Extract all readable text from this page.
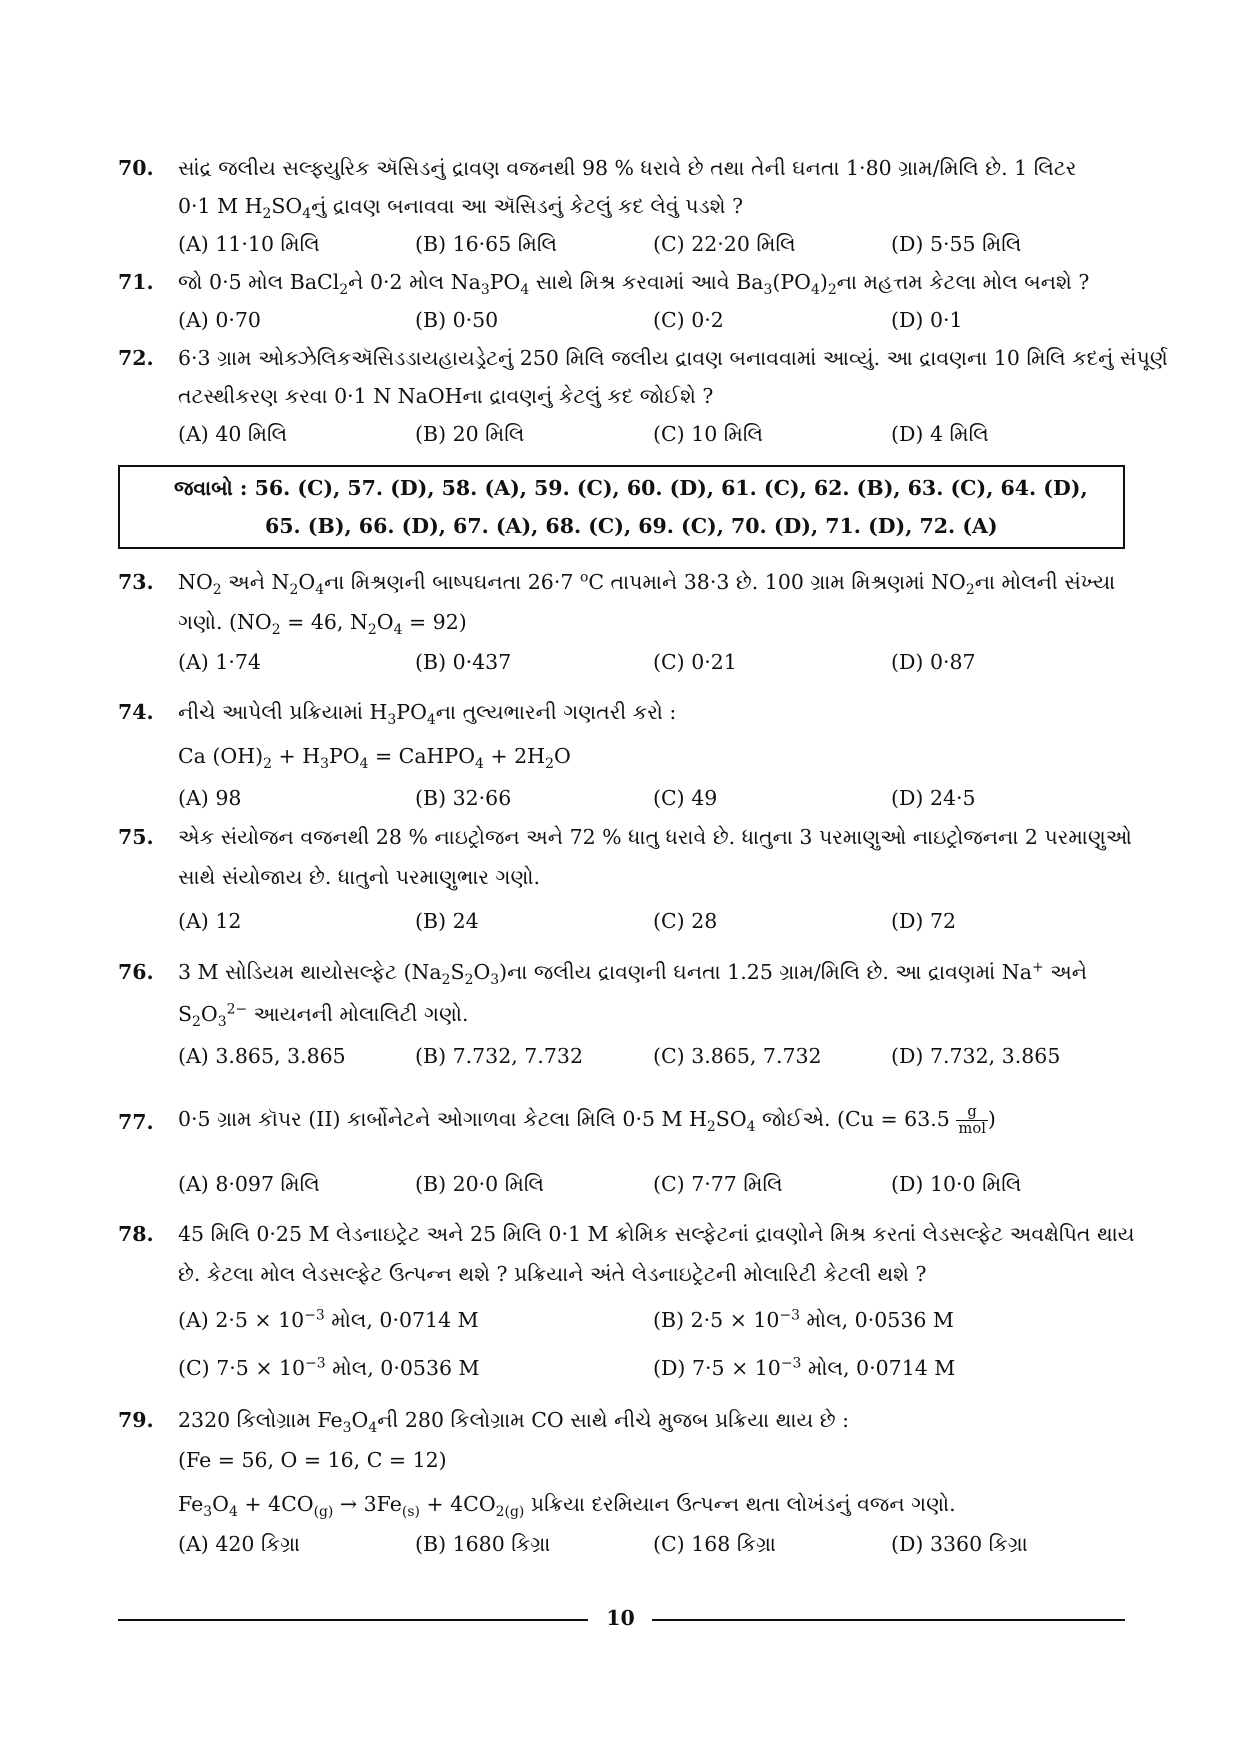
70. સાંદ્ર જલીય સલ્ફ્યુરિક ઍસિડનું દ્રાવણ વજનથી 98 % ધરાવે છે તથા તેની ઘનતા 1·80 ગ્રામ/મિલિ છે. 1 લિટર
0·1 M $H_2SO_4નું$ દ્રાવણ બનાવવા આ ઍસિડનું કેટલું કદ લેવું પડશે ?
(A) 11·10 મિલિ	(B) 16·65 મિલિ	(C) 22·20 મિલિ	(D) 5·55 મિલિ
71. જો 0·5 મોલ BaCl$_2$ને 0·2 મોલ $Na_3PO_4$ સાથે મિશ્ર કરવામાં આવે $Ba_3(PO_4)_2ના$ મહત્તમ કેટલા મોલ બનશે ?
(A) 0·70	(B) 0·50	(C) 0·2	(D) 0·1
72. 6·3 ગ્રામ ઓક્ઝેલિકઍસિડડાયહાયડ્રેટનું 250 મિલિ જલીય દ્રાવણ બનાવવામાં આવ્યું. આ દ્રાવણના 10 મિલિ કદનું સંપૂર્ણ
તટસ્થીકરણ કરવા 0·1 N NaOHના દ્રાવણનું કેટલું કદ જોઈશે ?
(A) 40 મિલિ	(B) 20 મિલિ	(C) 10 મિલિ	(D) 4 મિલિ
જવાબો : 56. (C), 57. (D), 58. (A), 59. (C), 60. (D), 61. (C), 62. (B), 63. (C), 64. (D),
65. (B), 66. (D), 67. (A), 68. (C), 69. (C), 70. (D), 71. (D), 72. (A)
73. $NO_2$ અને $N_2O_4ના$ મિશ્રણની બાષ્પઘનતા 26·7 $^o$C તાપમાને 38·3 છે. 100 ગ્રામ મિશ્રણમાં $NO_2ના$ મોલની સંખ્યા
ગણો. ($NO_2 = 46$, $N_2O_4 = 92$)
(A) 1·74	(B) 0·437	(C) 0·21	(D) 0·87
74. નીચે આપેલી પ્રક્રિયામાં $H_3PO_4ના$ તુલ્યભારની ગણતરી કરો :
Ca $(OH)_2 + H_3PO_4$ = CaHPO$_4$ + $2H_2O$
(A) 98	(B) 32·66	(C) 49	(D) 24·5
75. એક સંયોજન વજનથી 28 % નાઇટ્રોજન અને 72 % ધાતુ ધરાવે છે. ધાતુના 3 પરમાણુઓ નાઇટ્રોજનના 2 પરમાણુઓ
સાથે સંયોજાય છે. ધાતુનો પરમાણુભાર ગણો.
(A) 12	(B) 24	(C) 28	(D) 72
76. 3 M સોડિયમ થાયોસલ્ફેટ $(Na_2S_2O_3)ના$ જલીય દ્રાવણની ઘનતા 1.25 ગ્રામ/મિલિ છે. આ દ્રાવણમાં Na+ અને
$S_2O_3^{2-}$ આયનની મોલાલિટી ગણો.
(A) 3.865, 3.865	(B) 7.732, 7.732	(C) 3.865, 7.732	(D) 7.732, 3.865
77. 0·5 ગ્રામ કૉપર (II) કાર્બોનેટને ઓગાળવા કેટલા મિલિ 0·5 M $H_2SO_4$ જોઈએ. ($Cu = 63.5 \frac{g}{\text{mol}}$ )
(A) 8·097 મિલિ	(B) 20·0 મિલિ	(C) 7·77 મિલિ	(D) 10·0 મિલિ
78. 45 મિલિ 0·25 M લેડનાઇટ્રેટ અને 25 મિલિ 0·1 M ક્રોમિક સલ્ફેટનાં દ્રાવણોને મિશ્ર કરતાં લેડસલ્ફેટ અવક્ષેપિત થાય
છે. કેટલા મોલ લેડસલ્ફેટ ઉત્પન્ન થશે ? પ્રક્રિયાને અંતે લેડનાઇટ્રેટની મોલારિટી કેટલી થશે ?
(A) $2\cdot 5 \times 10^{-3}$ મોલ, 0·0714 M	(B) $2\cdot 5 \times 10^{-3}$ મોલ, 0·0536 M
(C) $7\cdot 5 \times 10^{-3}$ મોલ, 0·0536 M	(D) $7\cdot 5 \times 10^{-3}$ મોલ, 0·0714 M
79. 2320 કિલોગ્રામ $Fe_3O_4ની$ 280 કિલોગ્રામ CO સાથે નીચે મુજબ પ્રક્રિયા થાય છે :
(Fe = 56, O = 16, C = 12)
$Fe_3O_4 + 4CO_{(g)} \to 3Fe_{(s)} + 4CO_{2(g)}$ પ્રક્રિયા દરમિયાન ઉત્પન્ન થતા લોખંડનું વજન ગણો.
(A) 420 કિગ્રા	(B) 1680 કિગ્રા	(C) 168 કિગ્રા	(D) 3360 કિગ્રા
10
